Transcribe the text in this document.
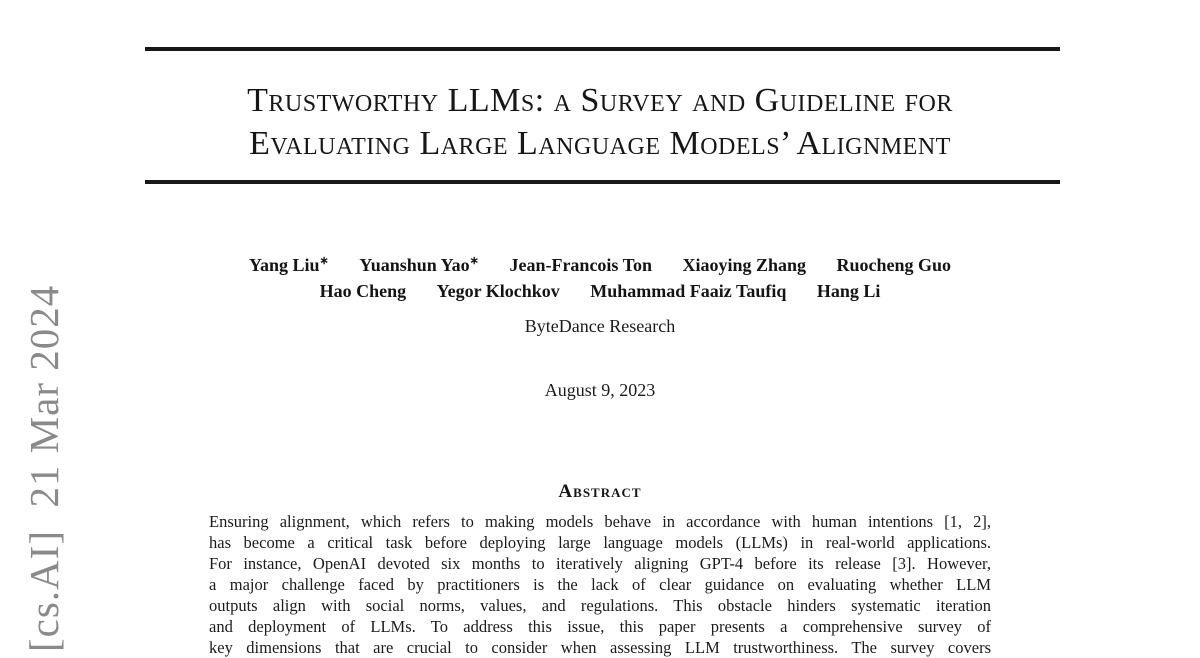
[cs.AI]  21 Mar 2024
Trustworthy LLMs: a Survey and Guideline for
Evaluating Large Language Models’ Alignment
Yang Liu∗ Yuanshun Yao∗ Jean-Francois Ton Xiaoying Zhang Ruocheng Guo
Hao Cheng Yegor Klochkov Muhammad Faaiz Taufiq Hang Li
ByteDance Research
August 9, 2023
Abstract
Ensuring alignment, which refers to making models behave in accordance with human intentions [1, 2],
has become a critical task before deploying large language models (LLMs) in real-world applications.
For instance, OpenAI devoted six months to iteratively aligning GPT-4 before its release [3]. However,
a major challenge faced by practitioners is the lack of clear guidance on evaluating whether LLM
outputs align with social norms, values, and regulations. This obstacle hinders systematic iteration
and deployment of LLMs. To address this issue, this paper presents a comprehensive survey of
key dimensions that are crucial to consider when assessing LLM trustworthiness. The survey covers
